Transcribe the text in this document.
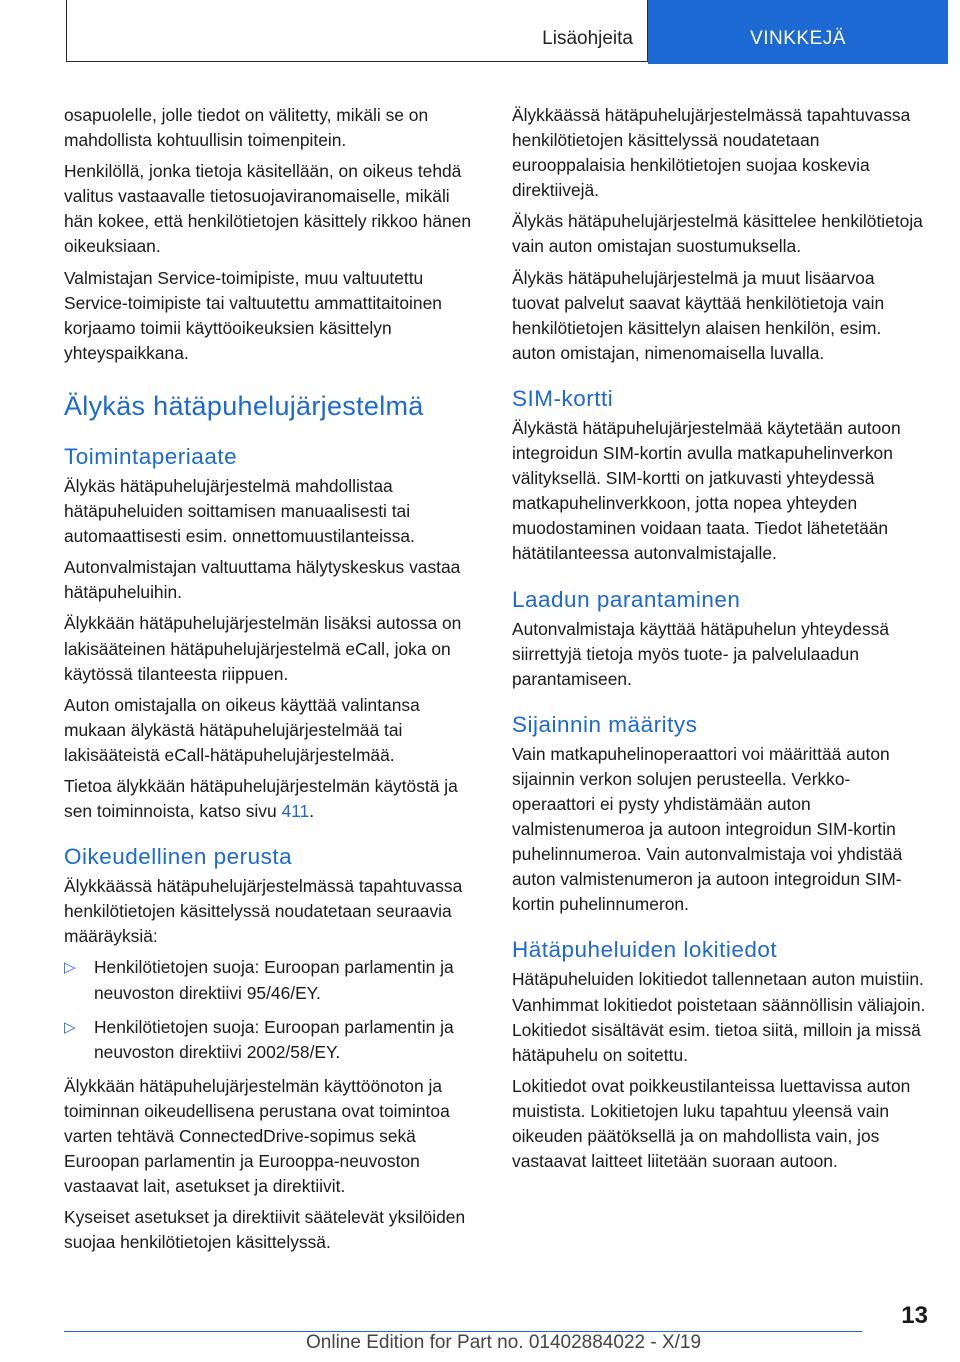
Lisäohjeita	VINKKEJÄ

osapuolelle, jolle tiedot on välitetty, mikäli se on mahdollista kohtuullisin toimenpitein.

Henkilöllä, jonka tietoja käsitellään, on oikeus tehdä valitus vastaavalle tietosuojaviranomaiselle, mikäli hän kokee, että henkilötietojen käsittely rikkoo hänen oikeuksiaan.

Valmistajan Service-toimipiste, muu valtuutettu Service-toimipiste tai valtuutettu ammattitaitoinen korjaamo toimii käyttöoikeuksien käsittelyn yhteyspaikkana.

Älykäs hätäpuhelujärjestelmä
Toimintaperiaate

Älykäs hätäpuhelujärjestelmä mahdollistaa hätäpuheluiden soittamisen manuaalisesti tai automaattisesti esim. onnettomuustilanteissa.

Autonvalmistajan valtuuttama hälytyskeskus vastaa hätäpuheluihin.

Älykkään hätäpuhelujärjestelmän lisäksi autossa on lakisääteinen hätäpuhelujärjestelmä eCall, joka on käytössä tilanteesta riippuen.

Auton omistajalla on oikeus käyttää valintansa mukaan älykästä hätäpuhelujärjestelmää tai lakisääteistä eCall-hätäpuhelujärjestelmää.

Tietoa älykkään hätäpuhelujärjestelmän käytöstä ja sen toiminnoista, katso sivu 411.

Oikeudellinen perusta

Älykkäässä hätäpuhelujärjestelmässä tapahtuvassa henkilötietojen käsittelyssä noudatetaan seuraavia määräyksiä:

▷ Henkilötietojen suoja: Euroopan parlamentin ja neuvoston direktiivi 95/46/EY.
▷ Henkilötietojen suoja: Euroopan parlamentin ja neuvoston direktiivi 2002/58/EY.

Älykkään hätäpuhelujärjestelmän käyttöönoton ja toiminnan oikeudellisena perustana ovat toimintoa varten tehtävä ConnectedDrive-sopimus sekä Euroopan parlamentin ja Eurooppa-neuvoston vastaavat lait, asetukset ja direktiivit.

Kyseiset asetukset ja direktiivit säätelevät yksilöiden suojaa henkilötietojen käsittelyssä.

Älykkäässä hätäpuhelujärjestelmässä tapahtuvassa henkilötietojen käsittelyssä noudatetaan eurooppalaisia henkilötietojen suojaa koskevia direktiivejä.

Älykäs hätäpuhelujärjestelmä käsittelee henkilötietoja vain auton omistajan suostumuksella.

Älykäs hätäpuhelujärjestelmä ja muut lisäarvoa tuovat palvelut saavat käyttää henkilötietoja vain henkilötietojen käsittelyn alaisen henkilön, esim. auton omistajan, nimenomaisella luvalla.

SIM-kortti

Älykästä hätäpuhelujärjestelmää käytetään autoon integroidun SIM-kortin avulla matkapuhelinverkon välityksellä. SIM-kortti on jatkuvasti yhteydessä matkapuhelinverkkoon, jotta nopea yhteyden muodostaminen voidaan taata. Tiedot lähetetään hätätilanteessa autonvalmistajalle.

Laadun parantaminen

Autonvalmistaja käyttää hätäpuhelun yhteydessä siirrettyjä tietoja myös tuote- ja palvelulaadun parantamiseen.

Sijainnin määritys

Vain matkapuhelinoperaattori voi määrittää auton sijainnin verkon solujen perusteella. Verkko-operaattori ei pysty yhdistämään auton valmistenumeroa ja autoon integroidun SIM-kortin puhelinnumeroa. Vain autonvalmistaja voi yhdistää auton valmistenumeron ja autoon integroidun SIM-kortin puhelinnumeron.

Hätäpuheluiden lokitiedot

Hätäpuheluiden lokitiedot tallennetaan auton muistiin. Vanhimmat lokitiedot poistetaan säännöllisin väliajoin. Lokitiedot sisältävät esim. tietoa siitä, milloin ja missä hätäpuhelu on soitettu.

Lokitiedot ovat poikkeustilanteissa luettavissa auton muistista. Lokitietojen luku tapahtuu yleensä vain oikeuden päätöksellä ja on mahdollista vain, jos vastaavat laitteet liitetään suoraan autoon.

13
Online Edition for Part no. 01402884022 - X/19
